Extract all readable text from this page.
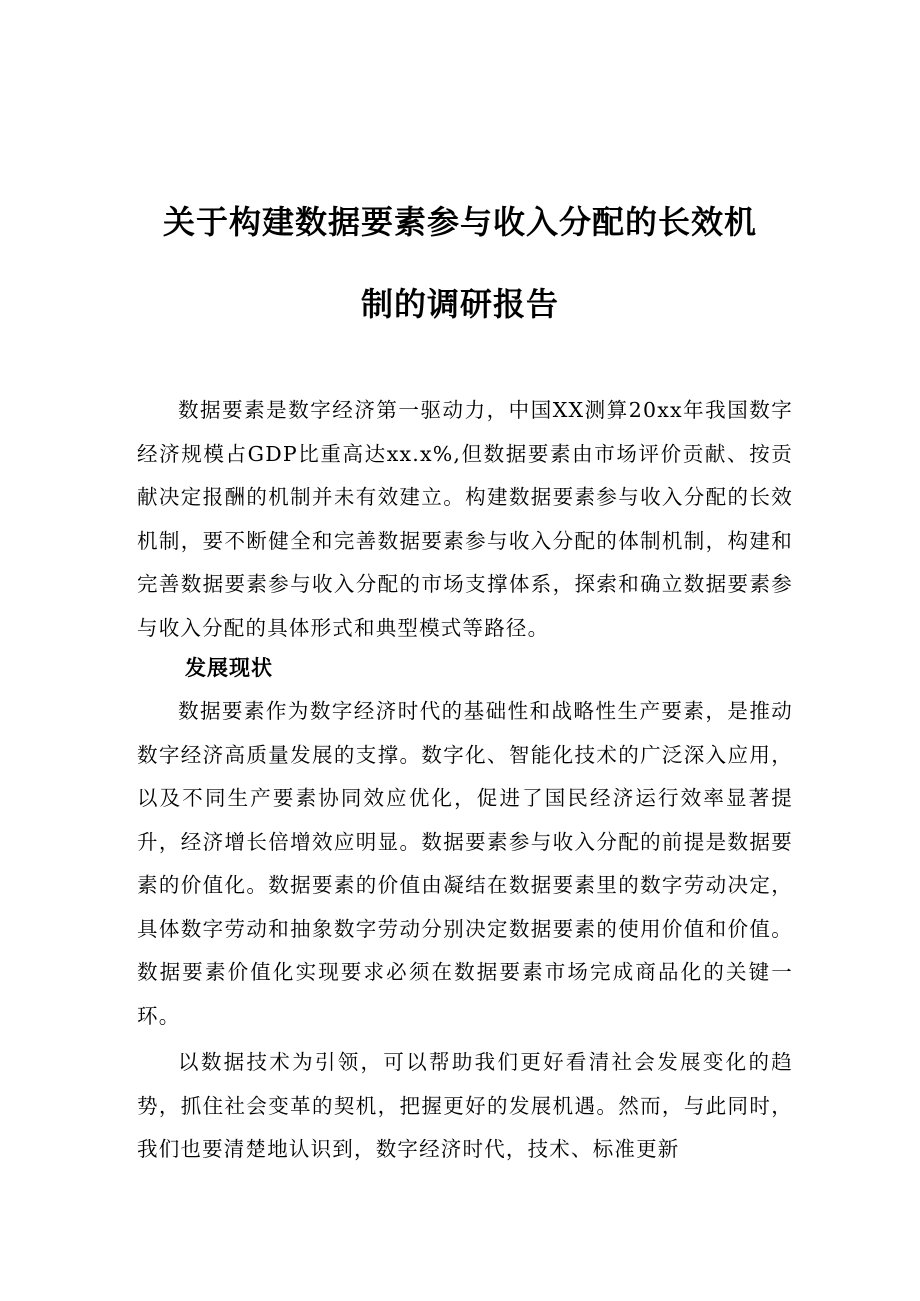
关于构建数据要素参与收入分配的长效机
制的调研报告

数据要素是数字经济第一驱动力，中国XX测算20xx年我国数字经济规模占GDP比重高达xx.x%,但数据要素由市场评价贡献、按贡献决定报酬的机制并未有效建立。构建数据要素参与收入分配的长效机制，要不断健全和完善数据要素参与收入分配的体制机制，构建和完善数据要素参与收入分配的市场支撑体系，探索和确立数据要素参与收入分配的具体形式和典型模式等路径。

发展现状

数据要素作为数字经济时代的基础性和战略性生产要素，是推动数字经济高质量发展的支撑。数字化、智能化技术的广泛深入应用，以及不同生产要素协同效应优化，促进了国民经济运行效率显著提升，经济增长倍增效应明显。数据要素参与收入分配的前提是数据要素的价值化。数据要素的价值由凝结在数据要素里的数字劳动决定，具体数字劳动和抽象数字劳动分别决定数据要素的使用价值和价值。数据要素价值化实现要求必须在数据要素市场完成商品化的关键一环。

以数据技术为引领，可以帮助我们更好看清社会发展变化的趋势，抓住社会变革的契机，把握更好的发展机遇。然而，与此同时，我们也要清楚地认识到，数字经济时代，技术、标准更新
